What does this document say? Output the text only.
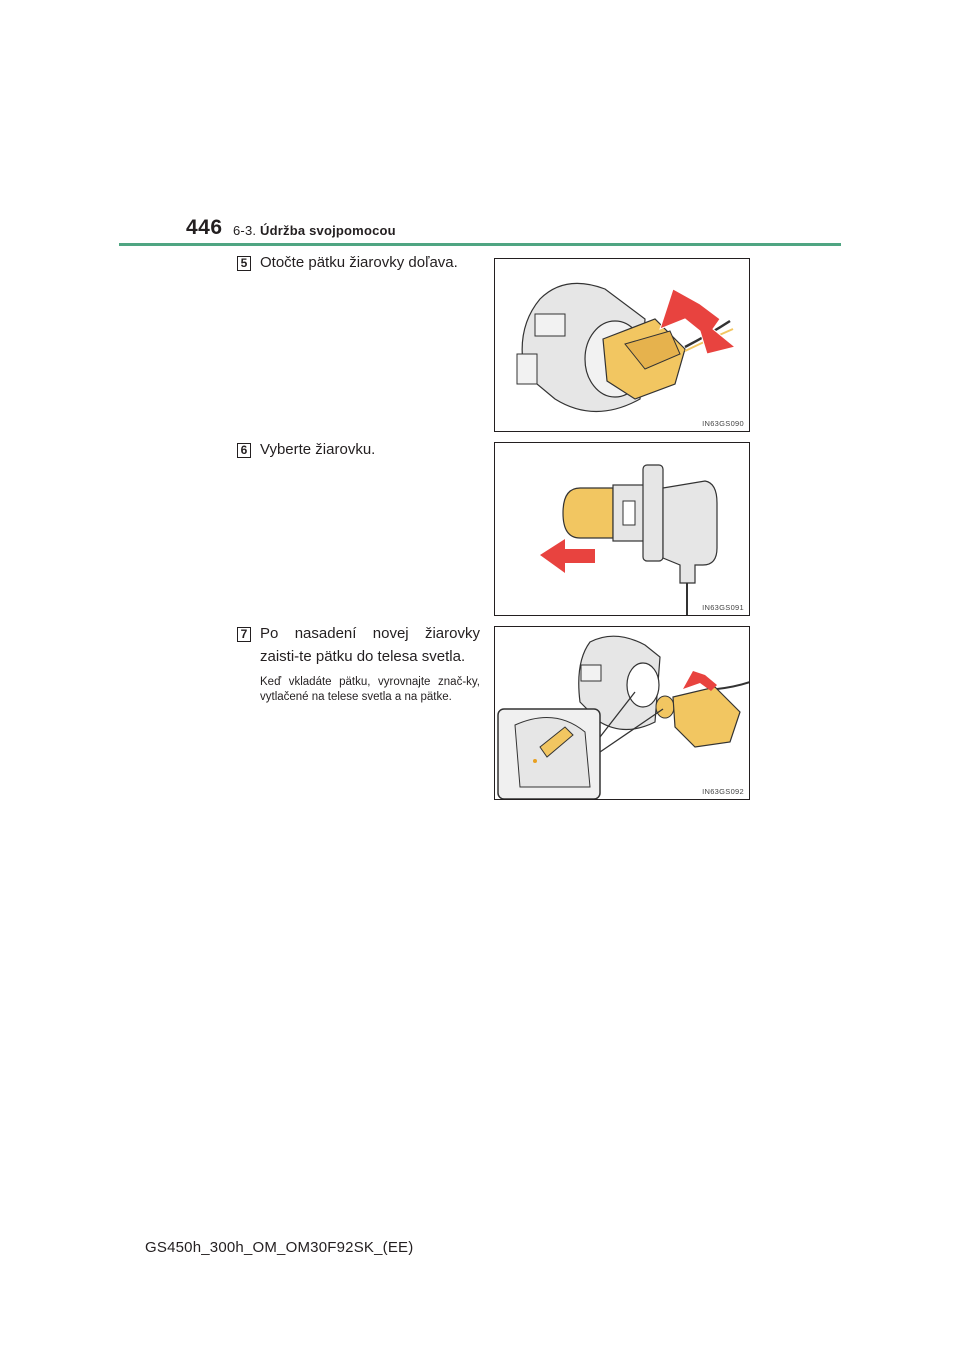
446 6-3. Údržba svojpomocou
5 Otočte pätku žiarovky doľava.
IN63GS090
6 Vyberte žiarovku.
IN63GS091
7 Po nasadení novej žiarovky zaisti-te pätku do telesa svetla.
Keď vkladáte pätku, vyrovnajte znač-ky, vytlačené na telese svetla a na pätke.
IN63GS092
GS450h_300h_OM_OM30F92SK_(EE)
